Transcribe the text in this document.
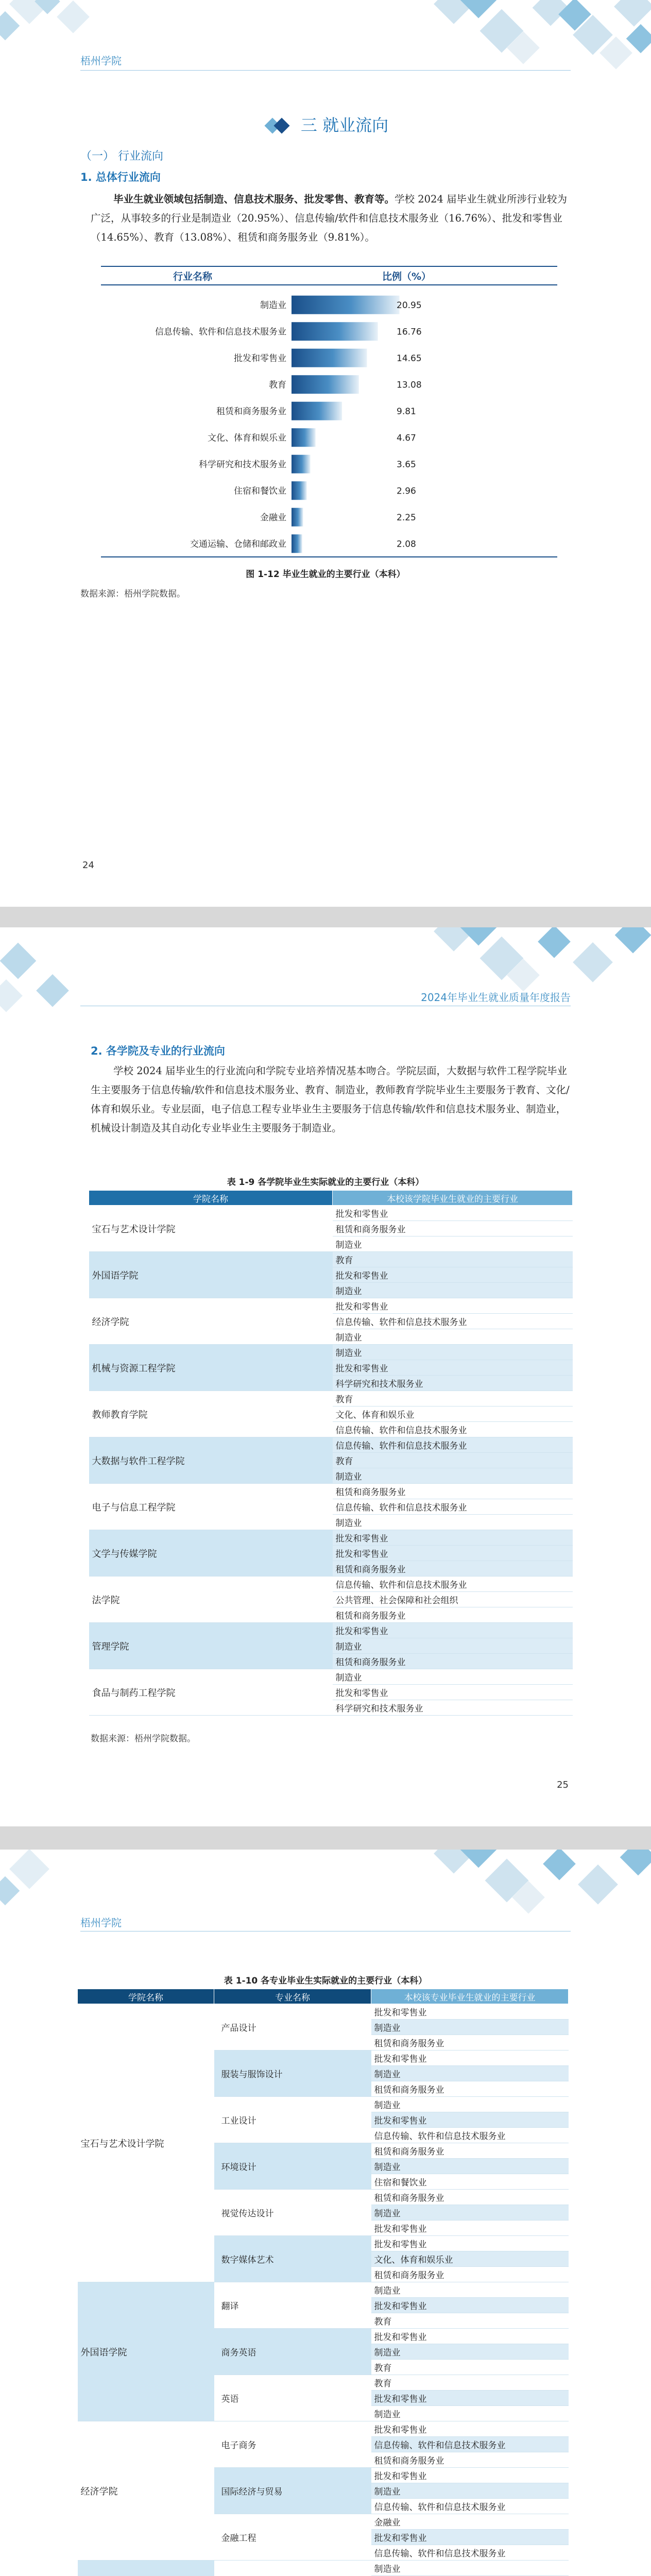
梧州学院
三 就业流向
（一） 行业流向
1. 总体行业流向
毕业生就业领域包括制造、信息技术服务、批发零售、教育等。学校 2024 届毕业生就业所涉行业较为广泛，从事较多的行业是制造业（20.95%）、信息传输/软件和信息技术服务业（16.76%）、批发和零售业（14.65%）、教育（13.08%）、租赁和商务服务业（9.81%）。
行业名称	比例（%）
制造业	20.95
信息传输、软件和信息技术服务业	16.76
批发和零售业	14.65
教育	13.08
租赁和商务服务业	9.81
文化、体育和娱乐业	4.67
科学研究和技术服务业	3.65
住宿和餐饮业	2.96
金融业	2.25
交通运输、仓储和邮政业	2.08
图 1-12 毕业生就业的主要行业（本科）
数据来源：梧州学院数据。
24
2024年毕业生就业质量年度报告
2. 各学院及专业的行业流向
学校 2024 届毕业生的行业流向和学院专业培养情况基本吻合。学院层面，大数据与软件工程学院毕业生主要服务于信息传输/软件和信息技术服务业、教育、制造业，教师教育学院毕业生主要服务于教育、文化/体育和娱乐业。专业层面，电子信息工程专业毕业生主要服务于信息传输/软件和信息技术服务业、制造业，机械设计制造及其自动化专业毕业生主要服务于制造业。
表 1-9 各学院毕业生实际就业的主要行业（本科）
学院名称	本校该学院毕业生就业的主要行业
宝石与艺术设计学院	批发和零售业
	租赁和商务服务业
	制造业
外国语学院	教育
	批发和零售业
	制造业
经济学院	批发和零售业
	信息传输、软件和信息技术服务业
	制造业
机械与资源工程学院	制造业
	批发和零售业
	科学研究和技术服务业
教师教育学院	教育
	文化、体育和娱乐业
	信息传输、软件和信息技术服务业
大数据与软件工程学院	信息传输、软件和信息技术服务业
	教育
	制造业
电子与信息工程学院	租赁和商务服务业
	信息传输、软件和信息技术服务业
	制造业
文学与传媒学院	批发和零售业
	批发和零售业
	租赁和商务服务业
法学院	信息传输、软件和信息技术服务业
	公共管理、社会保障和社会组织
	租赁和商务服务业
管理学院	批发和零售业
	制造业
	租赁和商务服务业
食品与制药工程学院	制造业
	批发和零售业
	科学研究和技术服务业
数据来源：梧州学院数据。
25
梧州学院
表 1-10 各专业毕业生实际就业的主要行业（本科）
学院名称	专业名称	本校该专业毕业生就业的主要行业
宝石与艺术设计学院	产品设计	批发和零售业
		制造业
		租赁和商务服务业
	服装与服饰设计	批发和零售业
		制造业
		租赁和商务服务业
	工业设计	制造业
		批发和零售业
		信息传输、软件和信息技术服务业
	环境设计	租赁和商务服务业
		制造业
		住宿和餐饮业
	视觉传达设计	租赁和商务服务业
		制造业
		批发和零售业
	数字媒体艺术	批发和零售业
		文化、体育和娱乐业
		租赁和商务服务业
外国语学院	翻译	制造业
		批发和零售业
		教育
	商务英语	批发和零售业
		制造业
		教育
	英语	教育
		批发和零售业
		制造业
经济学院	电子商务	批发和零售业
		信息传输、软件和信息技术服务业
		租赁和商务服务业
	国际经济与贸易	批发和零售业
		制造业
		信息传输、软件和信息技术服务业
	金融工程	金融业
		批发和零售业
		信息传输、软件和信息技术服务业
		制造业
